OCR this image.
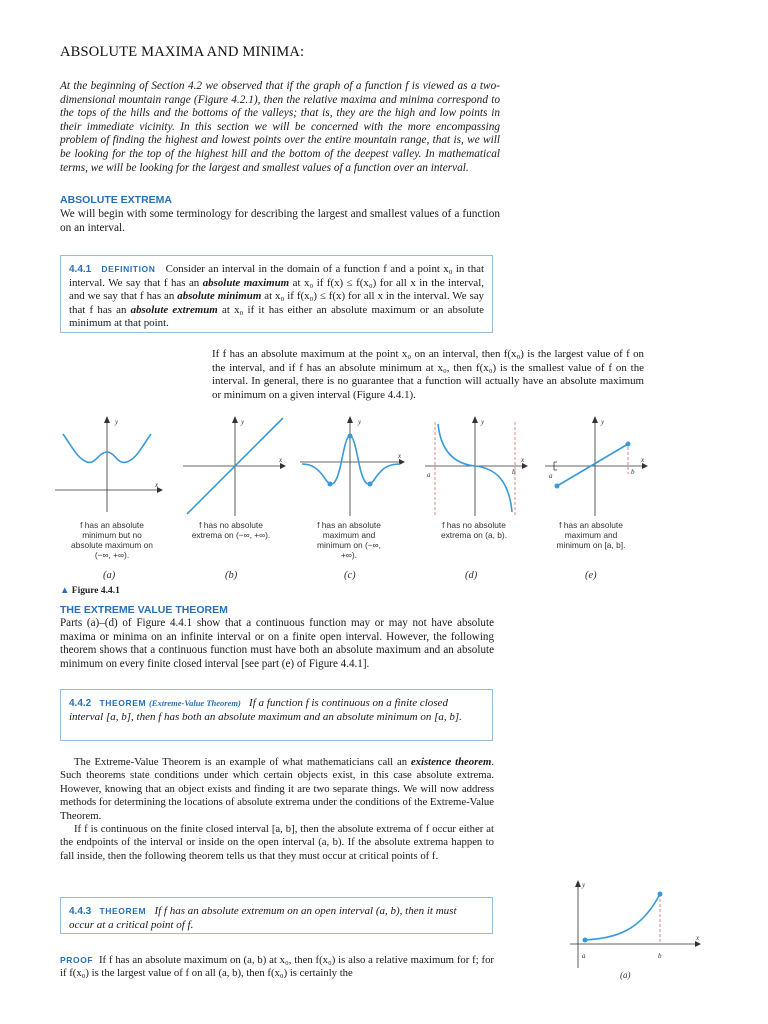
ABSOLUTE MAXIMA AND MINIMA:
At the beginning of Section 4.2 we observed that if the graph of a function f is viewed as a two-dimensional mountain range (Figure 4.2.1), then the relative maxima and minima correspond to the tops of the hills and the bottoms of the valleys; that is, they are the high and low points in their immediate vicinity. In this section we will be concerned with the more encompassing problem of finding the highest and lowest points over the entire mountain range, that is, we will be looking for the top of the highest hill and the bottom of the deepest valley. In mathematical terms, we will be looking for the largest and smallest values of a function over an interval.
ABSOLUTE EXTREMA
We will begin with some terminology for describing the largest and smallest values of a function on an interval.
4.4.1 DEFINITION Consider an interval in the domain of a function f and a point x₀ in that interval. We say that f has an absolute maximum at x₀ if f(x) ≤ f(x₀) for all x in the interval, and we say that f has an absolute minimum at x₀ if f(x₀) ≤ f(x) for all x in the interval. We say that f has an absolute extremum at x₀ if it has either an absolute maximum or an absolute minimum at that point.
If f has an absolute maximum at the point x₀ on an interval, then f(x₀) is the largest value of f on the interval, and if f has an absolute minimum at x₀, then f(x₀) is the smallest value of f on the interval. In general, there is no guarantee that a function will actually have an absolute maximum or minimum on a given interval (Figure 4.4.1).
y
x
y
x
y
x
y
x
a	b
y
x
a	b
f has an absolute minimum but no absolute maximum on (−∞, +∞).
f has no absolute extrema on (−∞, +∞).
f has an absolute maximum and minimum on (−∞, +∞).
f has no absolute extrema on (a, b).
f has an absolute maximum and minimum on [a, b].
(a)	(b)	(c)	(d)	(e)
▲ Figure 4.4.1
THE EXTREME VALUE THEOREM
Parts (a)–(d) of Figure 4.4.1 show that a continuous function may or may not have absolute maxima or minima on an infinite interval or on a finite open interval. However, the following theorem shows that a continuous function must have both an absolute maximum and an absolute minimum on every finite closed interval [see part (e) of Figure 4.4.1].
4.4.2 THEOREM (Extreme-Value Theorem) If a function f is continuous on a finite closed interval [a, b], then f has both an absolute maximum and an absolute minimum on [a, b].
The Extreme-Value Theorem is an example of what mathematicians call an existence theorem. Such theorems state conditions under which certain objects exist, in this case absolute extrema. However, knowing that an object exists and finding it are two separate things. We will now address methods for determining the locations of absolute extrema under the conditions of the Extreme-Value Theorem.
If f is continuous on the finite closed interval [a, b], then the absolute extrema of f occur either at the endpoints of the interval or inside on the open interval (a, b). If the absolute extrema happen to fall inside, then the following theorem tells us that they must occur at critical points of f.
4.4.3 THEOREM If f has an absolute extremum on an open interval (a, b), then it must occur at a critical point of f.
PROOF If f has an absolute maximum on (a, b) at x₀, then f(x₀) is also a relative maximum for f; for if f(x₀) is the largest value of f on all (a, b), then f(x₀) is certainly the
y
x
a	b
(a)
